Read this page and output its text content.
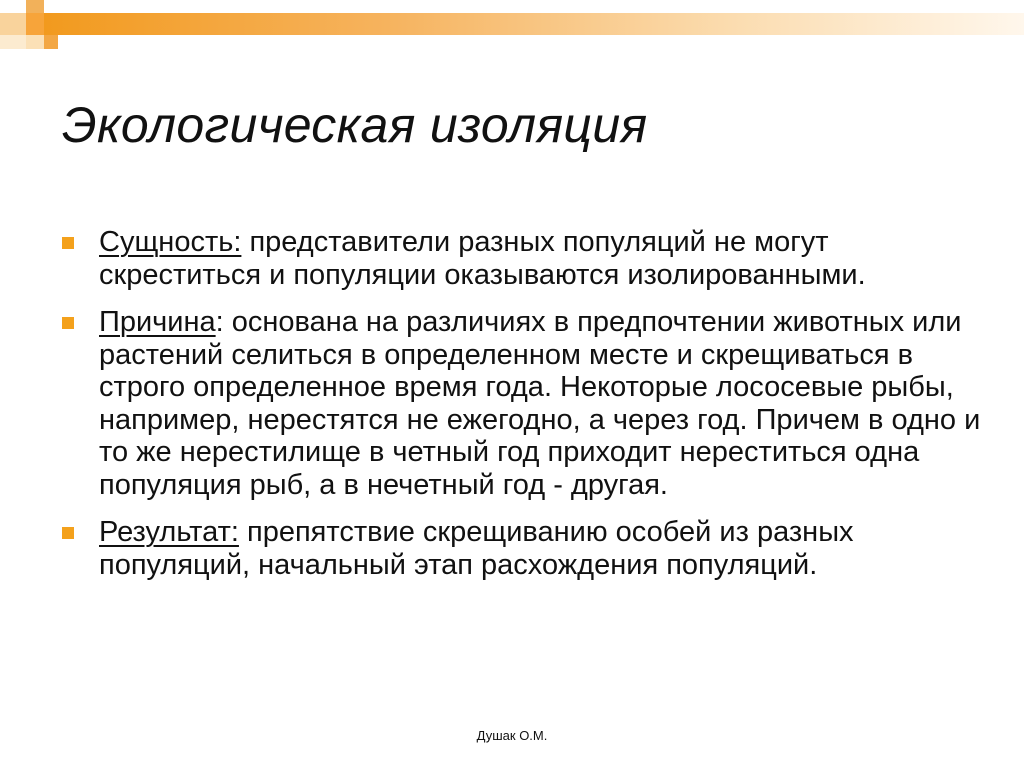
Экологическая изоляция
Сущность: представители разных популяций не могут скреститься и популяции оказываются изолированными.
Причина: основана на различиях в предпочтении животных или растений селиться в определенном месте и скрещиваться в строго определенное время года. Некоторые лососевые рыбы, например, нерестятся не ежегодно, а через год. Причем в одно и то же нерестилище в четный год приходит нереститься одна популяция рыб, а в нечетный год - другая.
Результат: препятствие скрещиванию особей из разных популяций, начальный этап расхождения популяций.
Душак О.М.
